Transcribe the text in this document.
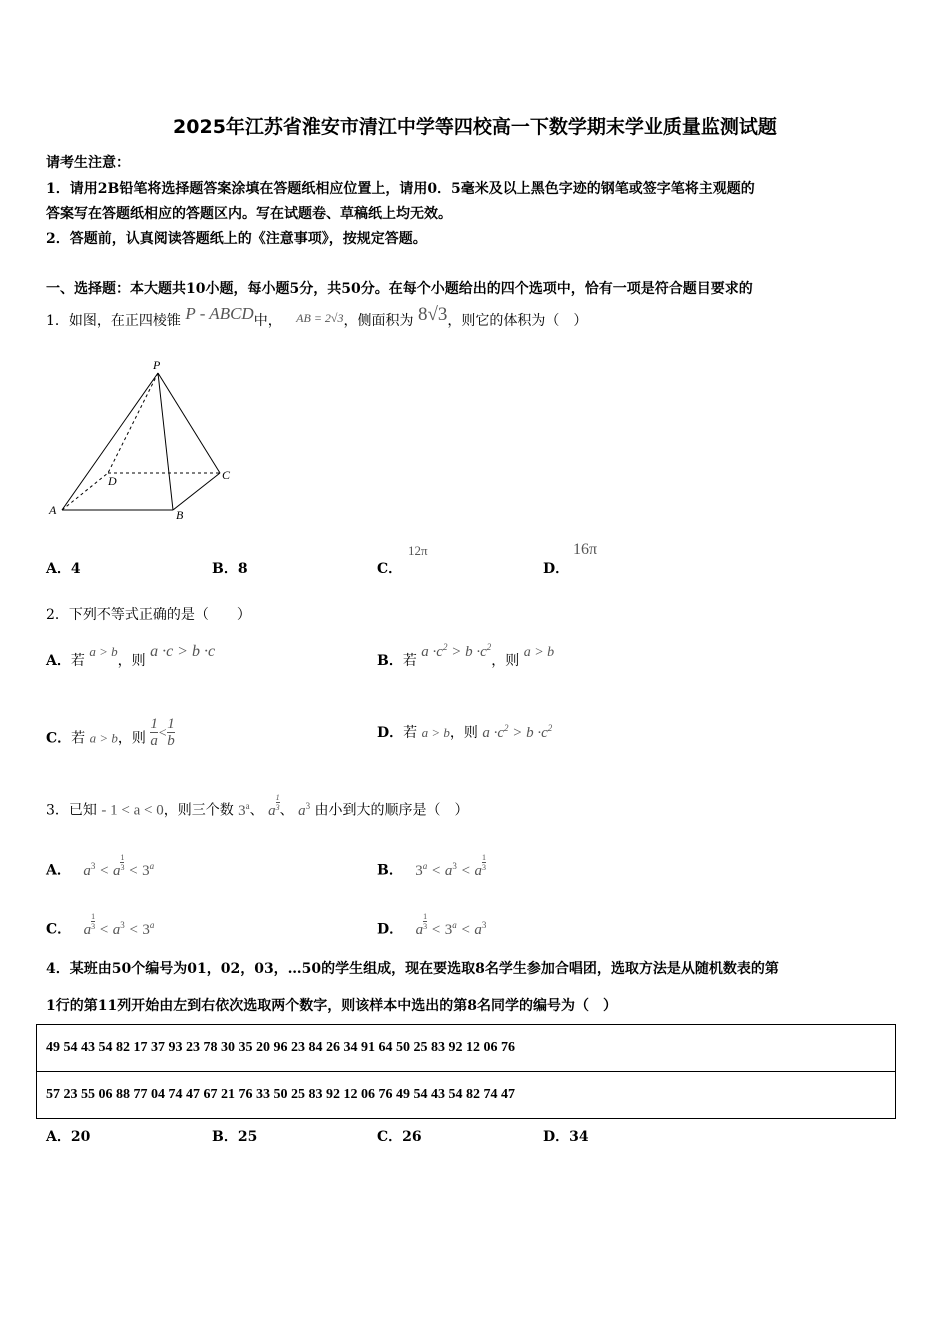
2025年江苏省淮安市清江中学等四校高一下数学期末学业质量监测试题
请考生注意：
1．请用2B铅笔将选择题答案涂填在答题纸相应位置上，请用0．5毫米及以上黑色字迹的钢笔或签字笔将主观题的
答案写在答题纸相应的答题区内。写在试题卷、草稿纸上均无效。
2．答题前，认真阅读答题纸上的《注意事项》，按规定答题。
一、选择题：本大题共10小题，每小题5分，共50分。在每个小题给出的四个选项中，恰有一项是符合题目要求的
1．如图，在正四棱锥 P - ABCD中， AB = 2√3，侧面积为 8√3，则它的体积为（　）
P
A	B
C
D
A．4	B．8	C．
12π
D．
16π
2．下列不等式正确的是（　　）
A．若 a > b，则 a ·c > b ·c
B．若 $a \cdot c^2 > b \cdot c^2$，则 a > b
C．若 a > b，则 $\frac{1}{a} < \frac{1}{b}$	D．若 a > b，则 $a \cdot c^2 > b \cdot c^2$
3．已知 - 1 < a < 0，则三个数 3$^a$、 a $^{\frac{1}{3}}$ 、 $a^3$ 由小到大的顺序是（　）
A． $a^3 < a$ $^{\frac{1}{3}} < 3^a$	B． $3^a < a^3 < a$ $^{\frac{1}{3}}$
C． a $^{\frac{1}{3}} < a^3 < 3^a$	D． a $^{\frac{1}{3}} < 3^a < a^3$
4．某班由50个编号为01，02，03，…50的学生组成，现在要选取8名学生参加合唱团，选取方法是从随机数表的第
1行的第11列开始由左到右依次选取两个数字，则该样本中选出的第8名同学的编号为（　）
49 54 43 54 82 17 37 93 23 78 30 35 20 96 23 84 26 34 91 64 50 25 83 92 12 06 76
57 23 55 06 88 77 04 74 47 67 21 76 33 50 25 83 92 12 06 76 49 54 43 54 82 74 47
A．20	B．25	C．26	D．34
